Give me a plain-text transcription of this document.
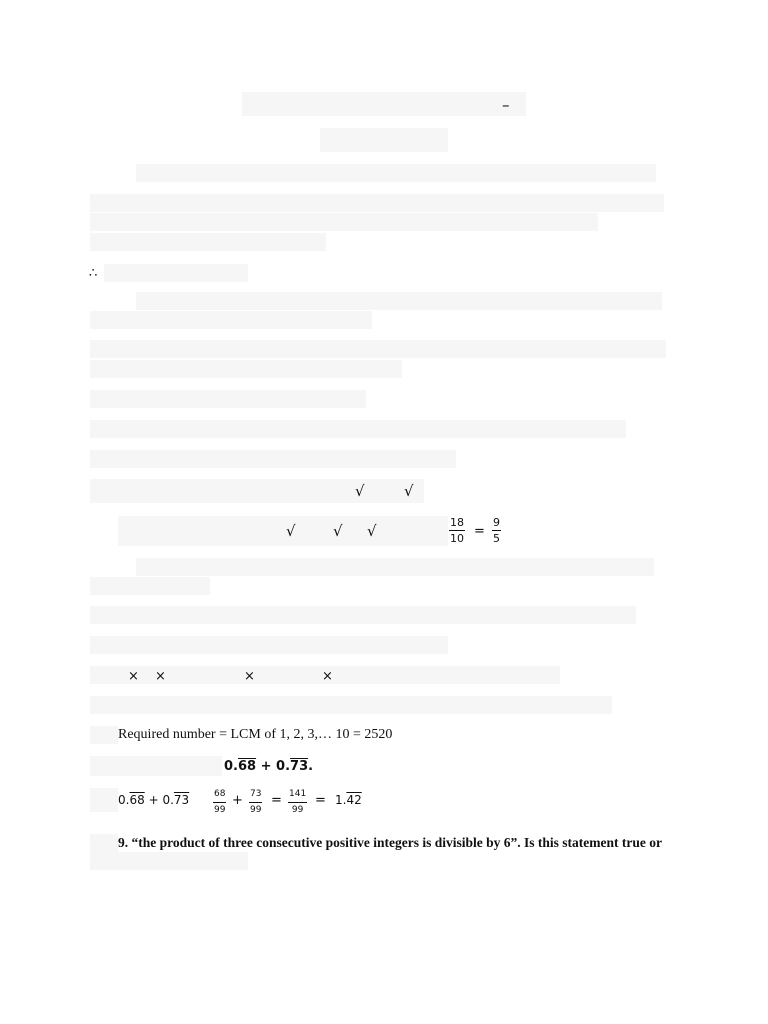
–
∴
√	√
√ √ √	$\frac{18}{10} = \frac{9}{5}$
× ×	×	×
Required number = LCM of 1, 2, 3,… 10 = 2520
0.68 + 0.73.
0.68 + 0.73	$\frac{68}{99} + \frac{73}{99} = \frac{141}{99} = 1.42$
9. “the product of three consecutive positive integers is divisible by 6”. Is this statement true or
